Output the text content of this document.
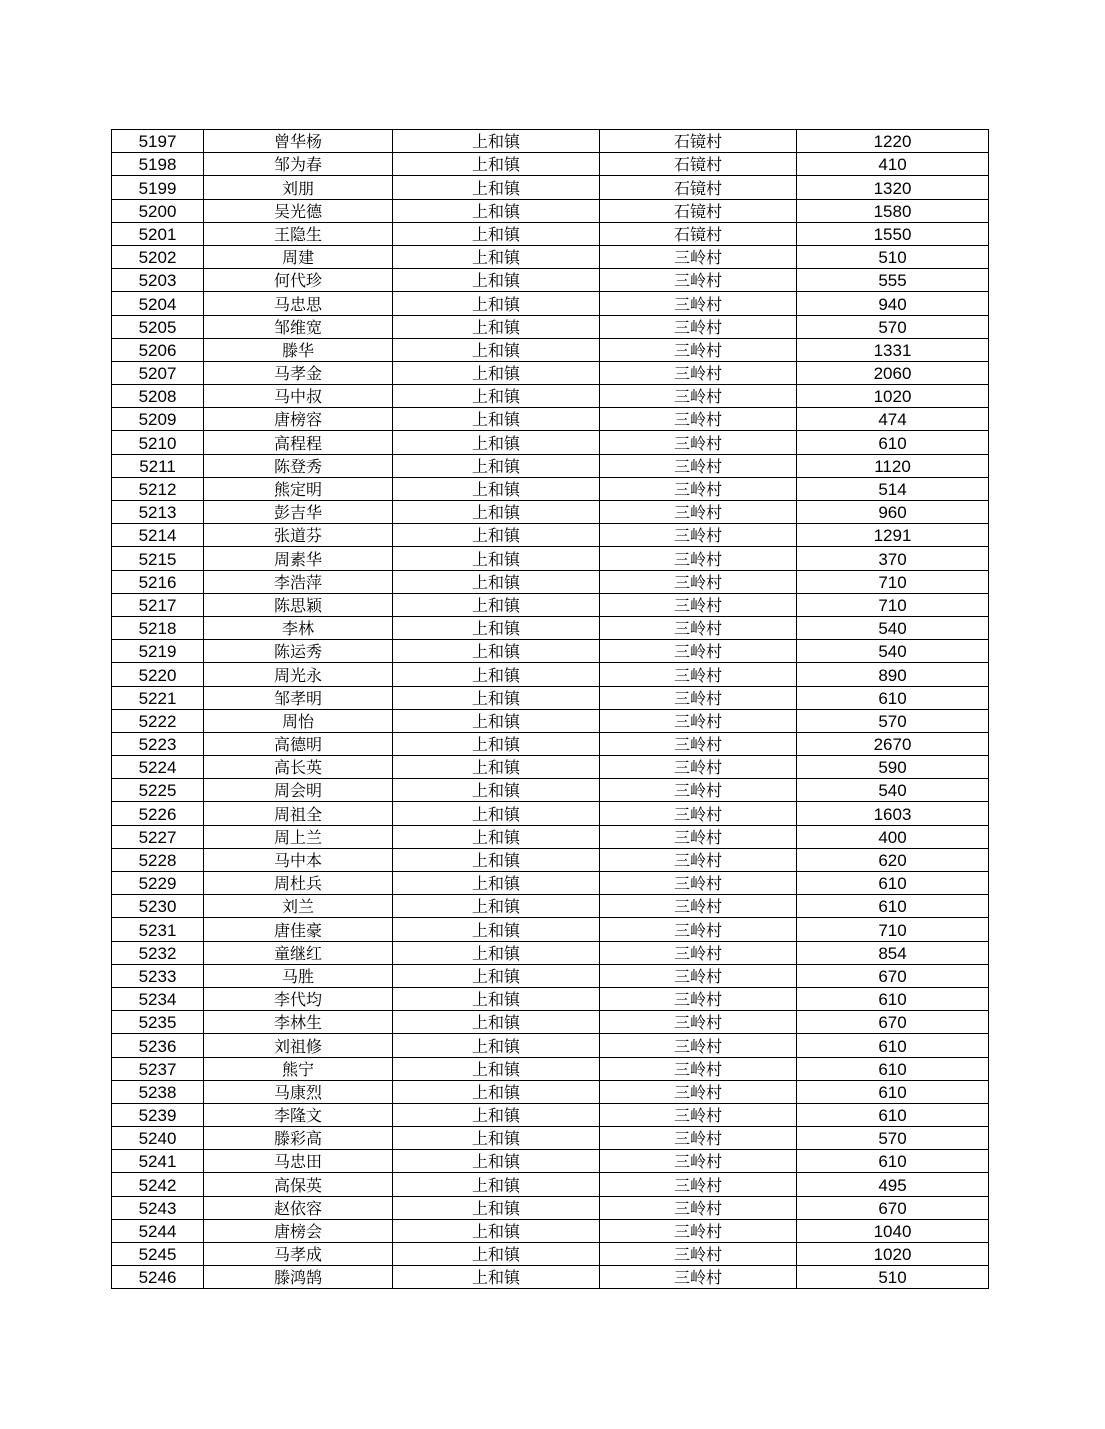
5197	曾华杨	上和镇	石镜村	1220
5198	邹为春	上和镇	石镜村	410
5199	刘朋	上和镇	石镜村	1320
5200	吴光德	上和镇	石镜村	1580
5201	王隐生	上和镇	石镜村	1550
5202	周建	上和镇	三岭村	510
5203	何代珍	上和镇	三岭村	555
5204	马忠思	上和镇	三岭村	940
5205	邹维宽	上和镇	三岭村	570
5206	滕华	上和镇	三岭村	1331
5207	马孝金	上和镇	三岭村	2060
5208	马中叔	上和镇	三岭村	1020
5209	唐榜容	上和镇	三岭村	474
5210	高程程	上和镇	三岭村	610
5211	陈登秀	上和镇	三岭村	1120
5212	熊定明	上和镇	三岭村	514
5213	彭吉华	上和镇	三岭村	960
5214	张道芬	上和镇	三岭村	1291
5215	周素华	上和镇	三岭村	370
5216	李浩萍	上和镇	三岭村	710
5217	陈思颖	上和镇	三岭村	710
5218	李林	上和镇	三岭村	540
5219	陈运秀	上和镇	三岭村	540
5220	周光永	上和镇	三岭村	890
5221	邹孝明	上和镇	三岭村	610
5222	周怡	上和镇	三岭村	570
5223	高德明	上和镇	三岭村	2670
5224	高长英	上和镇	三岭村	590
5225	周会明	上和镇	三岭村	540
5226	周祖全	上和镇	三岭村	1603
5227	周上兰	上和镇	三岭村	400
5228	马中本	上和镇	三岭村	620
5229	周杜兵	上和镇	三岭村	610
5230	刘兰	上和镇	三岭村	610
5231	唐佳豪	上和镇	三岭村	710
5232	童继红	上和镇	三岭村	854
5233	马胜	上和镇	三岭村	670
5234	李代均	上和镇	三岭村	610
5235	李林生	上和镇	三岭村	670
5236	刘祖修	上和镇	三岭村	610
5237	熊宁	上和镇	三岭村	610
5238	马康烈	上和镇	三岭村	610
5239	李隆文	上和镇	三岭村	610
5240	滕彩高	上和镇	三岭村	570
5241	马忠田	上和镇	三岭村	610
5242	高保英	上和镇	三岭村	495
5243	赵依容	上和镇	三岭村	670
5244	唐榜会	上和镇	三岭村	1040
5245	马孝成	上和镇	三岭村	1020
5246	滕鸿鹄	上和镇	三岭村	510
